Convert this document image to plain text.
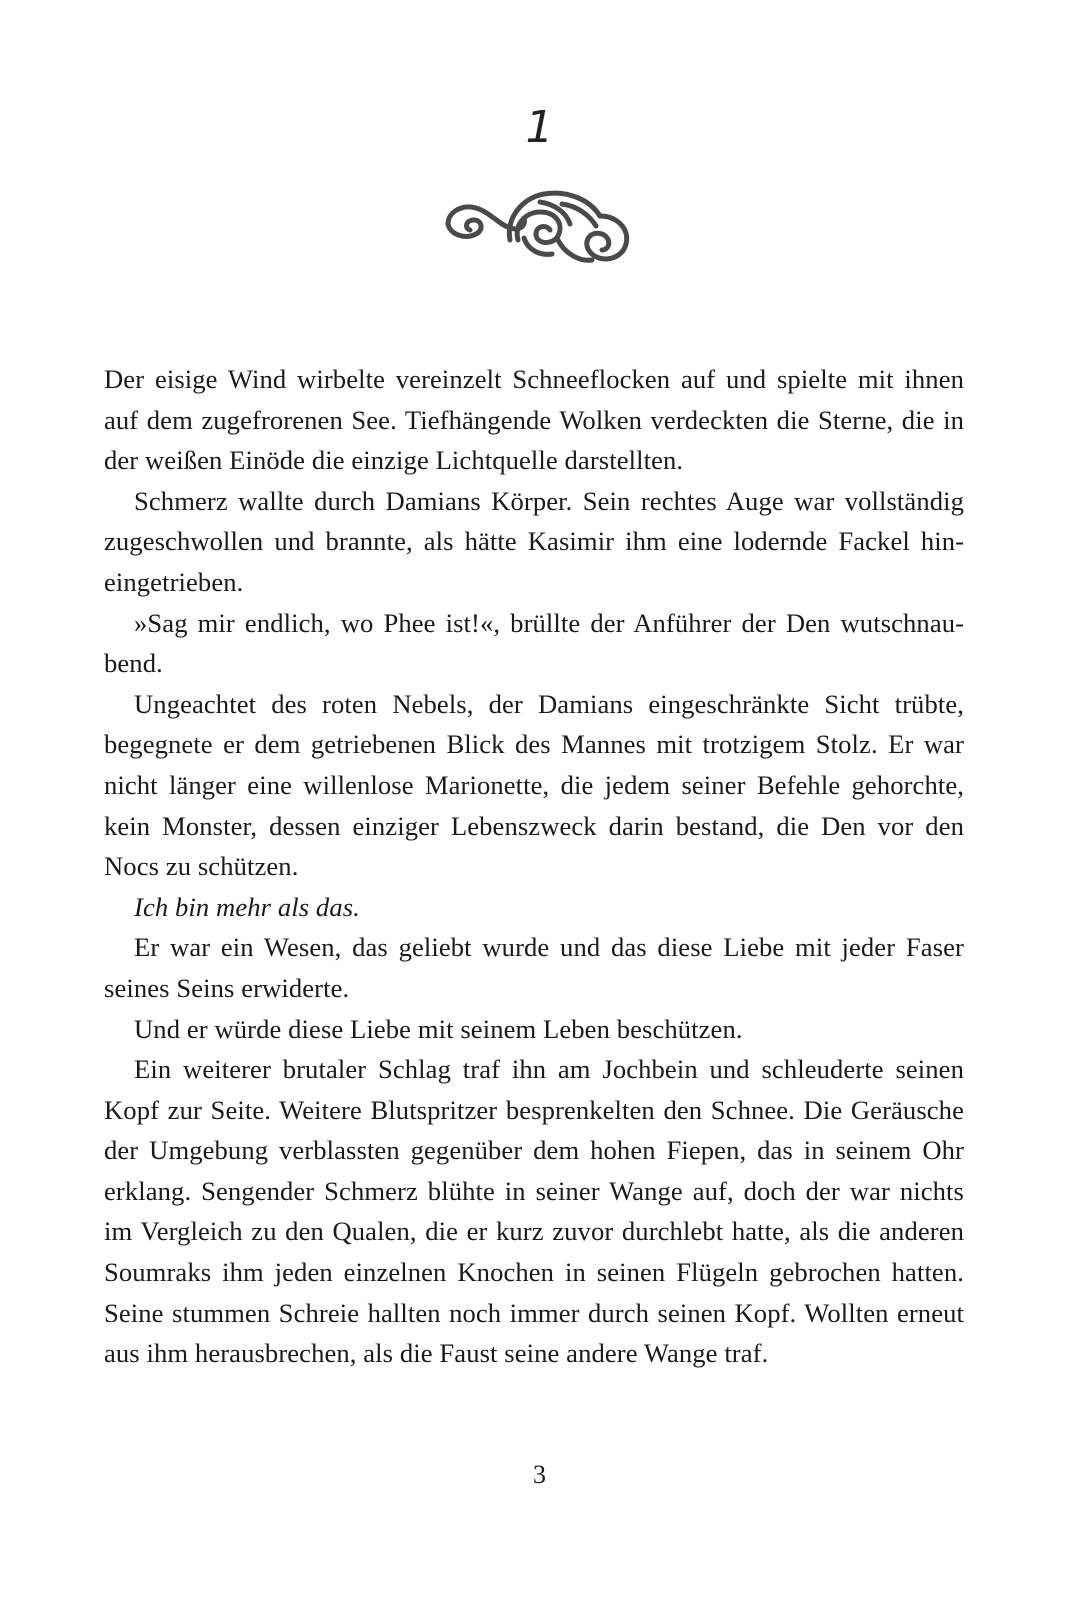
1

Der eisige Wind wirbelte vereinzelt Schneeflocken auf und spielte mit ihnen auf dem zugefrorenen See. Tiefhängende Wolken verdeckten die Sterne, die in der weißen Einöde die einzige Lichtquelle darstellten.

Schmerz wallte durch Damians Körper. Sein rechtes Auge war vollständig zugeschwollen und brannte, als hätte Kasimir ihm eine lodernde Fackel hineingetrieben.

»Sag mir endlich, wo Phee ist!«, brüllte der Anführer der Den wutschnaubend.

Ungeachtet des roten Nebels, der Damians eingeschränkte Sicht trübte, begegnete er dem getriebenen Blick des Mannes mit trotzigem Stolz. Er war nicht länger eine willenlose Marionette, die jedem seiner Befehle gehorchte, kein Monster, dessen einziger Lebenszweck darin bestand, die Den vor den Nocs zu schützen.

Ich bin mehr als das.

Er war ein Wesen, das geliebt wurde und das diese Liebe mit jeder Faser seines Seins erwiderte.

Und er würde diese Liebe mit seinem Leben beschützen.

Ein weiterer brutaler Schlag traf ihn am Jochbein und schleuderte seinen Kopf zur Seite. Weitere Blutspritzer besprenkelten den Schnee. Die Geräusche der Umgebung verblassten gegenüber dem hohen Fiepen, das in seinem Ohr erklang. Sengender Schmerz blühte in seiner Wange auf, doch der war nichts im Vergleich zu den Qualen, die er kurz zuvor durchlebt hatte, als die anderen Soumraks ihm jeden einzelnen Knochen in seinen Flügeln gebrochen hatten. Seine stummen Schreie hallten noch immer durch seinen Kopf. Wollten erneut aus ihm herausbrechen, als die Faust seine andere Wange traf.

3
